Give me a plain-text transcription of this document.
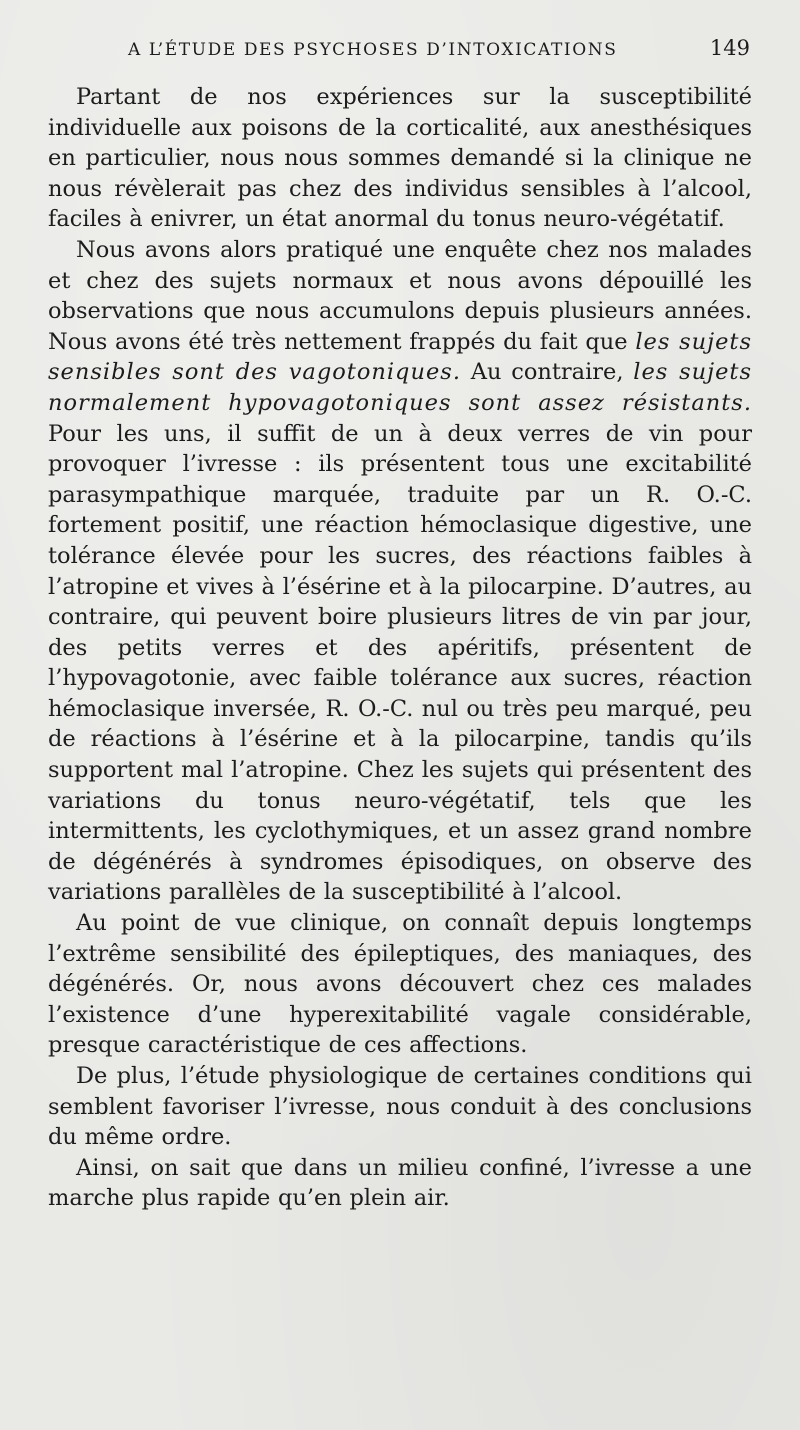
A L’ÉTUDE DES PSYCHOSES D’INTOXICATIONS	149

Partant de nos expériences sur la susceptibilité individuelle aux poisons de la corticalité, aux anesthésiques en particulier, nous nous sommes demandé si la clinique ne nous révèlerait pas chez des individus sensibles à l’alcool, faciles à enivrer, un état anormal du tonus neuro-végétatif.

Nous avons alors pratiqué une enquête chez nos malades et chez des sujets normaux et nous avons dépouillé les observations que nous accumulons depuis plusieurs années. Nous avons été très nettement frappés du fait que les sujets sensibles sont des vagotoniques. Au contraire, les sujets normalement hypovagotoniques sont assez résistants. Pour les uns, il suffit de un à deux verres de vin pour provoquer l’ivresse : ils présentent tous une excitabilité parasympathique marquée, traduite par un R. O.-C. fortement positif, une réaction hémoclasique digestive, une tolérance élevée pour les sucres, des réactions faibles à l’atropine et vives à l’ésérine et à la pilocarpine. D’autres, au contraire, qui peuvent boire plusieurs litres de vin par jour, des petits verres et des apéritifs, présentent de l’hypovagotonie, avec faible tolérance aux sucres, réaction hémoclasique inversée, R. O.-C. nul ou très peu marqué, peu de réactions à l’ésérine et à la pilocarpine, tandis qu’ils supportent mal l’atropine. Chez les sujets qui présentent des variations du tonus neuro-végétatif, tels que les intermittents, les cyclothymiques, et un assez grand nombre de dégénérés à syndromes épisodiques, on observe des variations parallèles de la susceptibilité à l’alcool.

Au point de vue clinique, on connaît depuis longtemps l’extrême sensibilité des épileptiques, des maniaques, des dégénérés. Or, nous avons découvert chez ces malades l’existence d’une hyperexitabilité vagale considérable, presque caractéristique de ces affections.

De plus, l’étude physiologique de certaines conditions qui semblent favoriser l’ivresse, nous conduit à des conclusions du même ordre.

Ainsi, on sait que dans un milieu confiné, l’ivresse a une marche plus rapide qu’en plein air.
